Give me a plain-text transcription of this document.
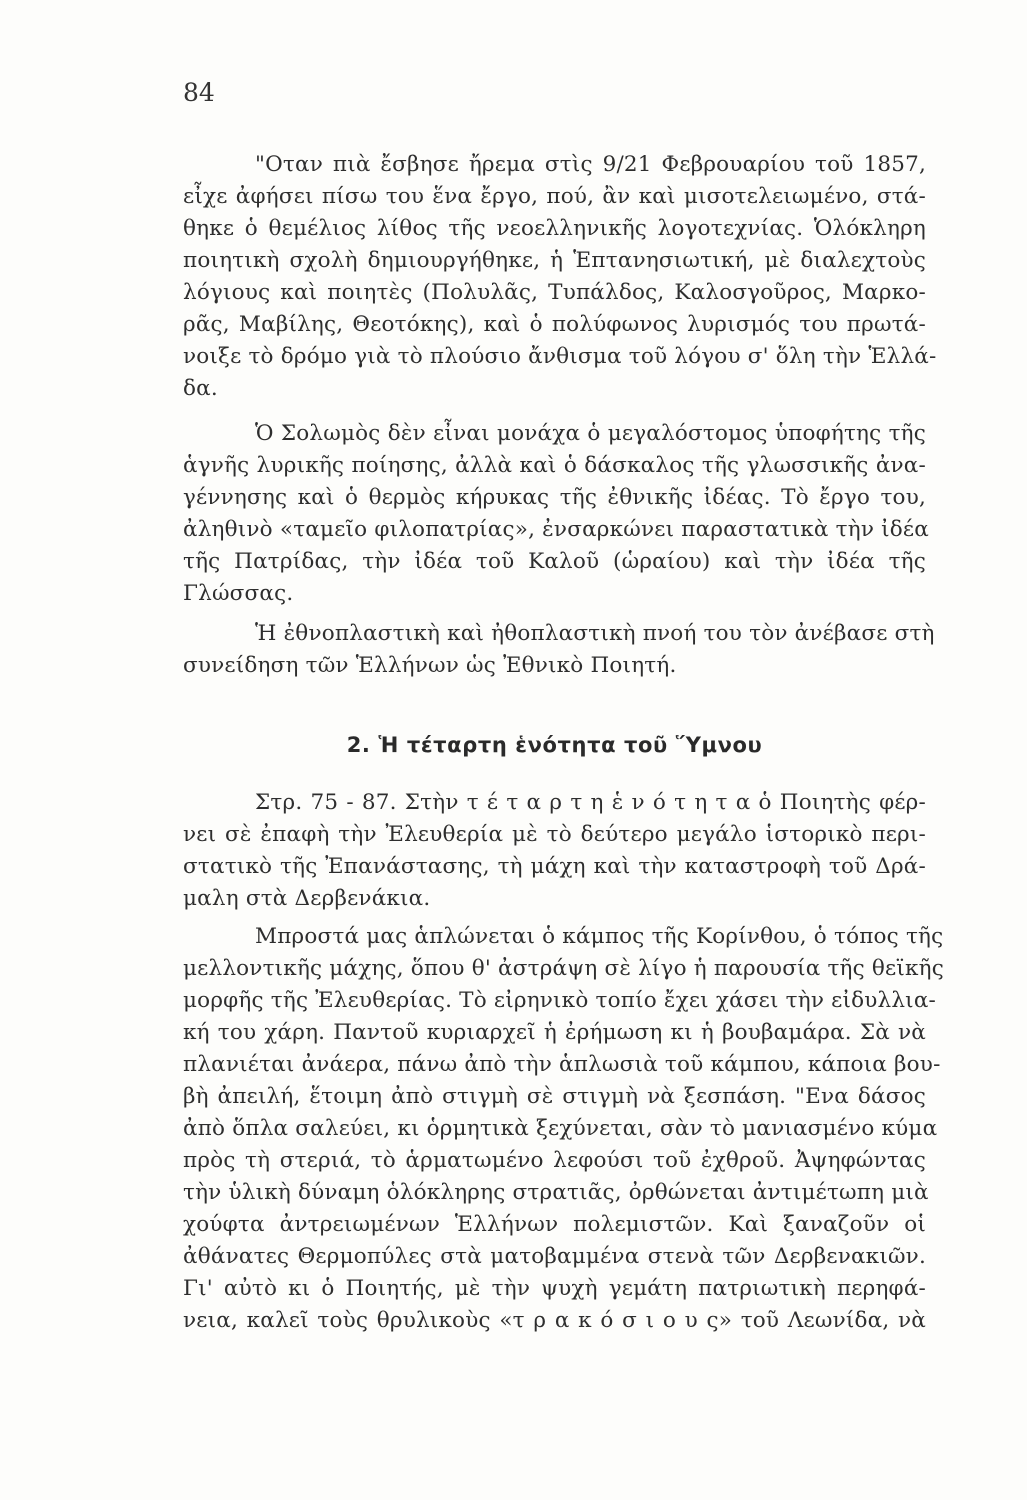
84
"Οταν πιὰ ἔσβησε ἤρεμα στὶς 9/21 Φεβρουαρίου τοῦ 1857,
εἶχε ἀφήσει πίσω του ἕνα ἔργο, πού, ἂν καὶ μισοτελειωμένο, στά-
θηκε ὁ θεμέλιος λίθος τῆς νεοελληνικῆς λογοτεχνίας. Ὁλόκληρη
ποιητικὴ σχολὴ δημιουργήθηκε, ἡ Ἑπτανησιωτική, μὲ διαλεχτοὺς
λόγιους καὶ ποιητὲς (Πολυλᾶς, Τυπάλδος, Καλοσγοῦρος, Μαρκο-
ρᾶς, Μαβίλης, Θεοτόκης), καὶ ὁ πολύφωνος λυρισμός του πρωτά-
νοιξε τὸ δρόμο γιὰ τὸ πλούσιο ἄνθισμα τοῦ λόγου σ' ὅλη τὴν Ἑλλά-
δα.
Ὁ Σολωμὸς δὲν εἶναι μονάχα ὁ μεγαλόστομος ὑποφήτης τῆς
ἁγνῆς λυρικῆς ποίησης, ἀλλὰ καὶ ὁ δάσκαλος τῆς γλωσσικῆς ἀνα-
γέννησης καὶ ὁ θερμὸς κήρυκας τῆς ἐθνικῆς ἰδέας. Τὸ ἔργο του,
ἀληθινὸ «ταμεῖο φιλοπατρίας», ἐνσαρκώνει παραστατικὰ τὴν ἰδέα
τῆς Πατρίδας, τὴν ἰδέα τοῦ Καλοῦ (ὡραίου) καὶ τὴν ἰδέα τῆς
Γλώσσας.
Ἡ ἐθνοπλαστικὴ καὶ ἠθοπλαστικὴ πνοή του τὸν ἀνέβασε στὴ
συνείδηση τῶν Ἑλλήνων ὡς Ἐθνικὸ Ποιητή.
2. Ἡ τέταρτη ἑνότητα τοῦ Ὕμνου
Στρ. 75 - 87. Στὴν τ έ τ α ρ τ η ἑ ν ό τ η τ α ὁ Ποιητὴς φέρ-
νει σὲ ἐπαφὴ τὴν Ἐλευθερία μὲ τὸ δεύτερο μεγάλο ἱστορικὸ περι-
στατικὸ τῆς Ἐπανάστασης, τὴ μάχη καὶ τὴν καταστροφὴ τοῦ Δρά-
μαλη στὰ Δερβενάκια.
Μπροστά μας ἁπλώνεται ὁ κάμπος τῆς Κορίνθου, ὁ τόπος τῆς
μελλοντικῆς μάχης, ὅπου θ' ἀστράψη σὲ λίγο ἡ παρουσία τῆς θεϊκῆς
μορφῆς τῆς Ἐλευθερίας. Τὸ εἰρηνικὸ τοπίο ἔχει χάσει τὴν εἰδυλλια-
κή του χάρη. Παντοῦ κυριαρχεῖ ἡ ἐρήμωση κι ἡ βουβαμάρα. Σὰ νὰ
πλανιέται ἀνάερα, πάνω ἀπὸ τὴν ἁπλωσιὰ τοῦ κάμπου, κάποια βου-
βὴ ἀπειλή, ἕτοιμη ἀπὸ στιγμὴ σὲ στιγμὴ νὰ ξεσπάση. "Ενα δάσος
ἀπὸ ὅπλα σαλεύει, κι ὁρμητικὰ ξεχύνεται, σὰν τὸ μανιασμένο κύμα
πρὸς τὴ στεριά, τὸ ἁρματωμένο λεφούσι τοῦ ἐχθροῦ. Ἀψηφώντας
τὴν ὑλικὴ δύναμη ὁλόκληρης στρατιᾶς, ὀρθώνεται ἀντιμέτωπη μιὰ
χούφτα ἀντρειωμένων Ἑλλήνων πολεμιστῶν. Καὶ ξαναζοῦν οἱ
ἀθάνατες Θερμοπύλες στὰ ματοβαμμένα στενὰ τῶν Δερβενακιῶν.
Γι' αὐτὸ κι ὁ Ποιητής, μὲ τὴν ψυχὴ γεμάτη πατριωτικὴ περηφά-
νεια, καλεῖ τοὺς θρυλικοὺς «τ ρ α κ ό σ ι ο υ ς» τοῦ Λεωνίδα, νὰ
